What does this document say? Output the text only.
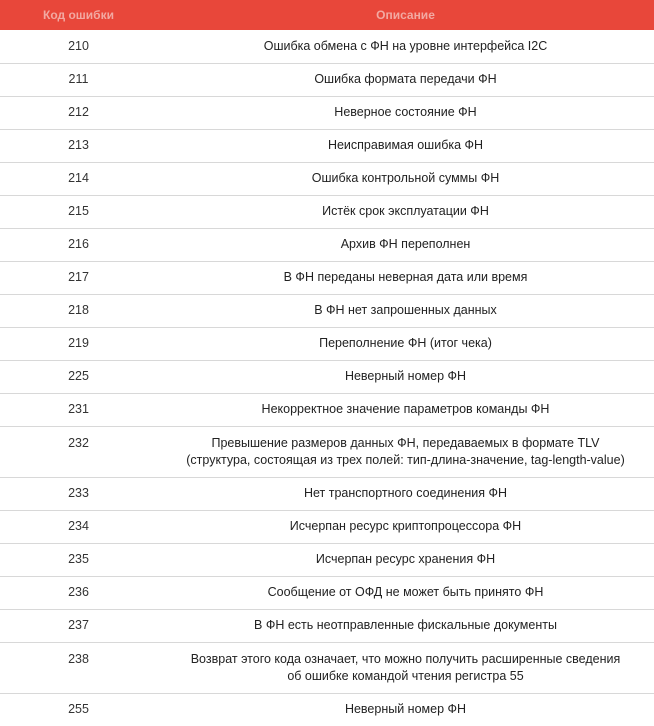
Код ошибки	Описание
210	Ошибка обмена с ФН на уровне интерфейса I2C

211	Ошибка формата передачи ФН

212	Неверное состояние ФН

213	Неисправимая ошибка ФН

214	Ошибка контрольной суммы ФН

215	Истёк срок эксплуатации ФН

216	Архив ФН переполнен

217	В ФН переданы неверная дата или время

218	В ФН нет запрошенных данных

219	Переполнение ФН (итог чека)

225	Неверный номер ФН

231	Некорректное значение параметров команды ФН

232	Превышение размеров данных ФН, передаваемых в формате TLV
(структура, состоящая из трех полей: тип-длина-значение, tag-length-value)

233	Нет транспортного соединения ФН

234	Исчерпан ресурс криптопроцессора ФН

235	Исчерпан ресурс хранения ФН

236	Сообщение от ОФД не может быть принято ФН

237	В ФН есть неотправленные фискальные документы

238	Возврат этого кода означает, что можно получить расширенные сведения
об ошибке командой чтения регистра 55

255	Неверный номер ФН
